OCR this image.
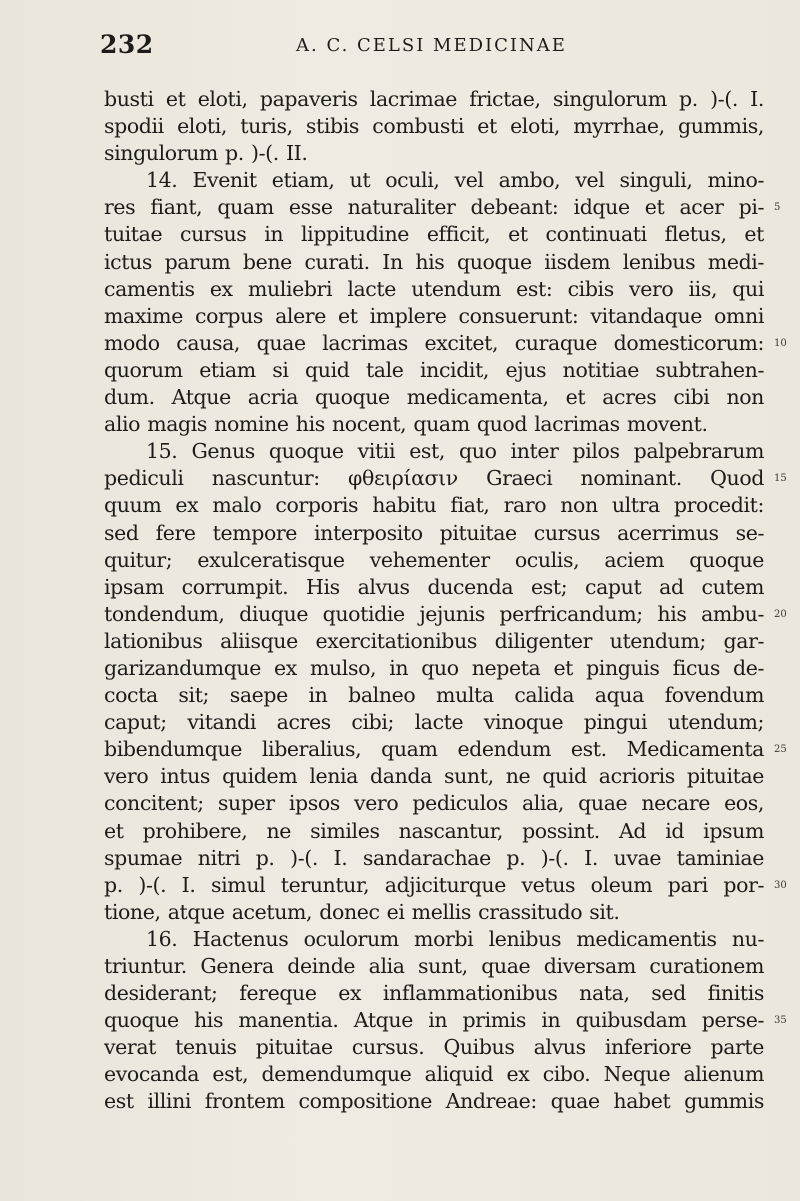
232	A. C. CELSI MEDICINAE
busti et eloti, papaveris lacrimae frictae, singulorum p. )-(. I.
spodii eloti, turis, stibis combusti et eloti, myrrhae, gummis,
singulorum p. )-(. II.
14. Evenit etiam, ut oculi, vel ambo, vel singuli, mino-
res fiant, quam esse naturaliter debeant: idque et acer pi-
tuitae cursus in lippitudine efficit, et continuati fletus, et
ictus parum bene curati. In his quoque iisdem lenibus medi-
camentis ex muliebri lacte utendum est: cibis vero iis, qui
maxime corpus alere et implere consuerunt: vitandaque omni
modo causa, quae lacrimas excitet, curaque domesticorum:
quorum etiam si quid tale incidit, ejus notitiae subtrahen-
dum. Atque acria quoque medicamenta, et acres cibi non
alio magis nomine his nocent, quam quod lacrimas movent.
15. Genus quoque vitii est, quo inter pilos palpebrarum
pediculi nascuntur: φθειρίασιν Graeci nominant. Quod
quum ex malo corporis habitu fiat, raro non ultra procedit:
sed fere tempore interposito pituitae cursus acerrimus se-
quitur; exulceratisque vehementer oculis, aciem quoque
ipsam corrumpit. His alvus ducenda est; caput ad cutem
tondendum, diuque quotidie jejunis perfricandum; his ambu-
lationibus aliisque exercitationibus diligenter utendum; gar-
garizandumque ex mulso, in quo nepeta et pinguis ficus de-
cocta sit; saepe in balneo multa calida aqua fovendum
caput; vitandi acres cibi; lacte vinoque pingui utendum;
bibendumque liberalius, quam edendum est. Medicamenta
vero intus quidem lenia danda sunt, ne quid acrioris pituitae
concitent; super ipsos vero pediculos alia, quae necare eos,
et prohibere, ne similes nascantur, possint. Ad id ipsum
spumae nitri p. )-(. I. sandarachae p. )-(. I. uvae taminiae
p. )-(. I. simul teruntur, adjiciturque vetus oleum pari por-
tione, atque acetum, donec ei mellis crassitudo sit.
16. Hactenus oculorum morbi lenibus medicamentis nu-
triuntur. Genera deinde alia sunt, quae diversam curationem
desiderant; fereque ex inflammationibus nata, sed finitis
quoque his manentia. Atque in primis in quibusdam perse-
verat tenuis pituitae cursus. Quibus alvus inferiore parte
evocanda est, demendumque aliquid ex cibo. Neque alienum
est illini frontem compositione Andreae: quae habet gummis
5
10
15
20
25
30
35
